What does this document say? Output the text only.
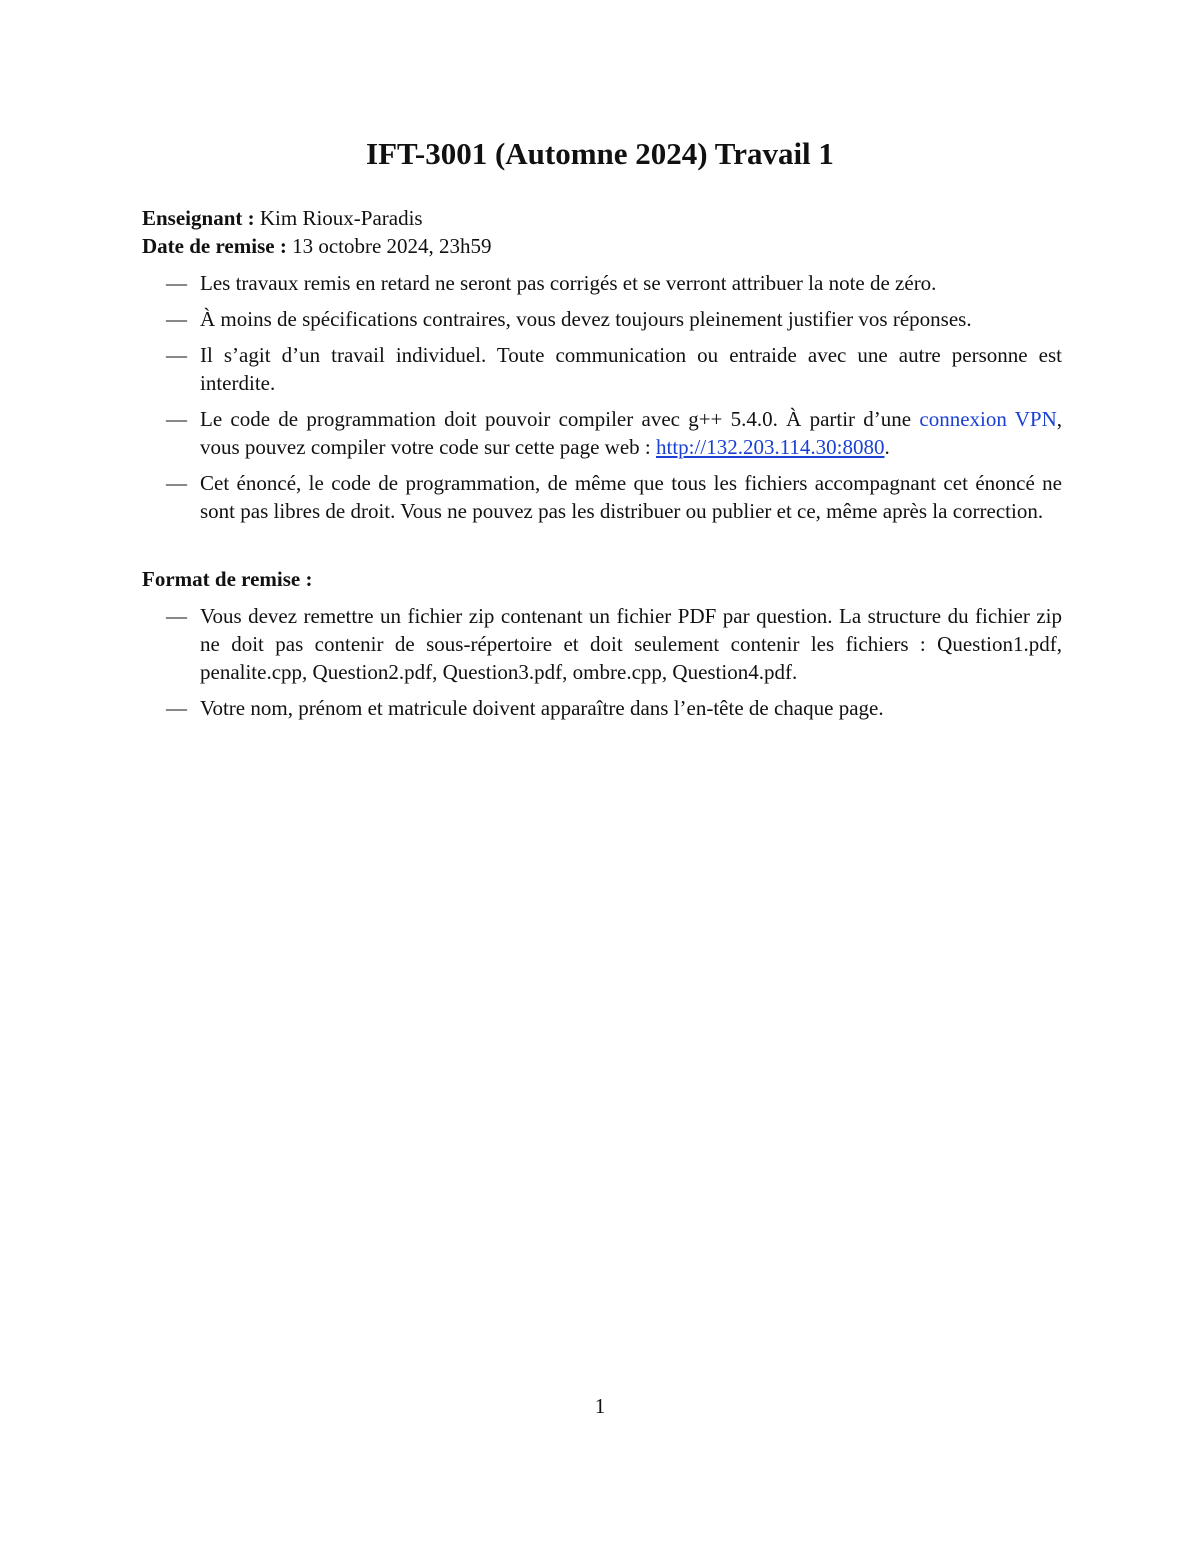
IFT-3001 (Automne 2024) Travail 1
Enseignant : Kim Rioux-Paradis
Date de remise : 13 octobre 2024, 23h59
— Les travaux remis en retard ne seront pas corrigés et se verront attribuer la note de zéro.
— À moins de spécifications contraires, vous devez toujours pleinement justifier vos réponses.
— Il s’agit d’un travail individuel. Toute communication ou entraide avec une autre personne est interdite.
— Le code de programmation doit pouvoir compiler avec g++ 5.4.0. À partir d’une connexion VPN, vous pouvez compiler votre code sur cette page web : http://132.203.114.30:8080.
— Cet énoncé, le code de programmation, de même que tous les fichiers accompagnant cet énoncé ne sont pas libres de droit. Vous ne pouvez pas les distribuer ou publier et ce, même après la correction.
Format de remise :
— Vous devez remettre un fichier zip contenant un fichier PDF par question. La structure du fichier zip ne doit pas contenir de sous-répertoire et doit seulement contenir les fichiers : Question1.pdf, penalite.cpp, Question2.pdf, Question3.pdf, ombre.cpp, Question4.pdf.
— Votre nom, prénom et matricule doivent apparaître dans l’en-tête de chaque page.
1
